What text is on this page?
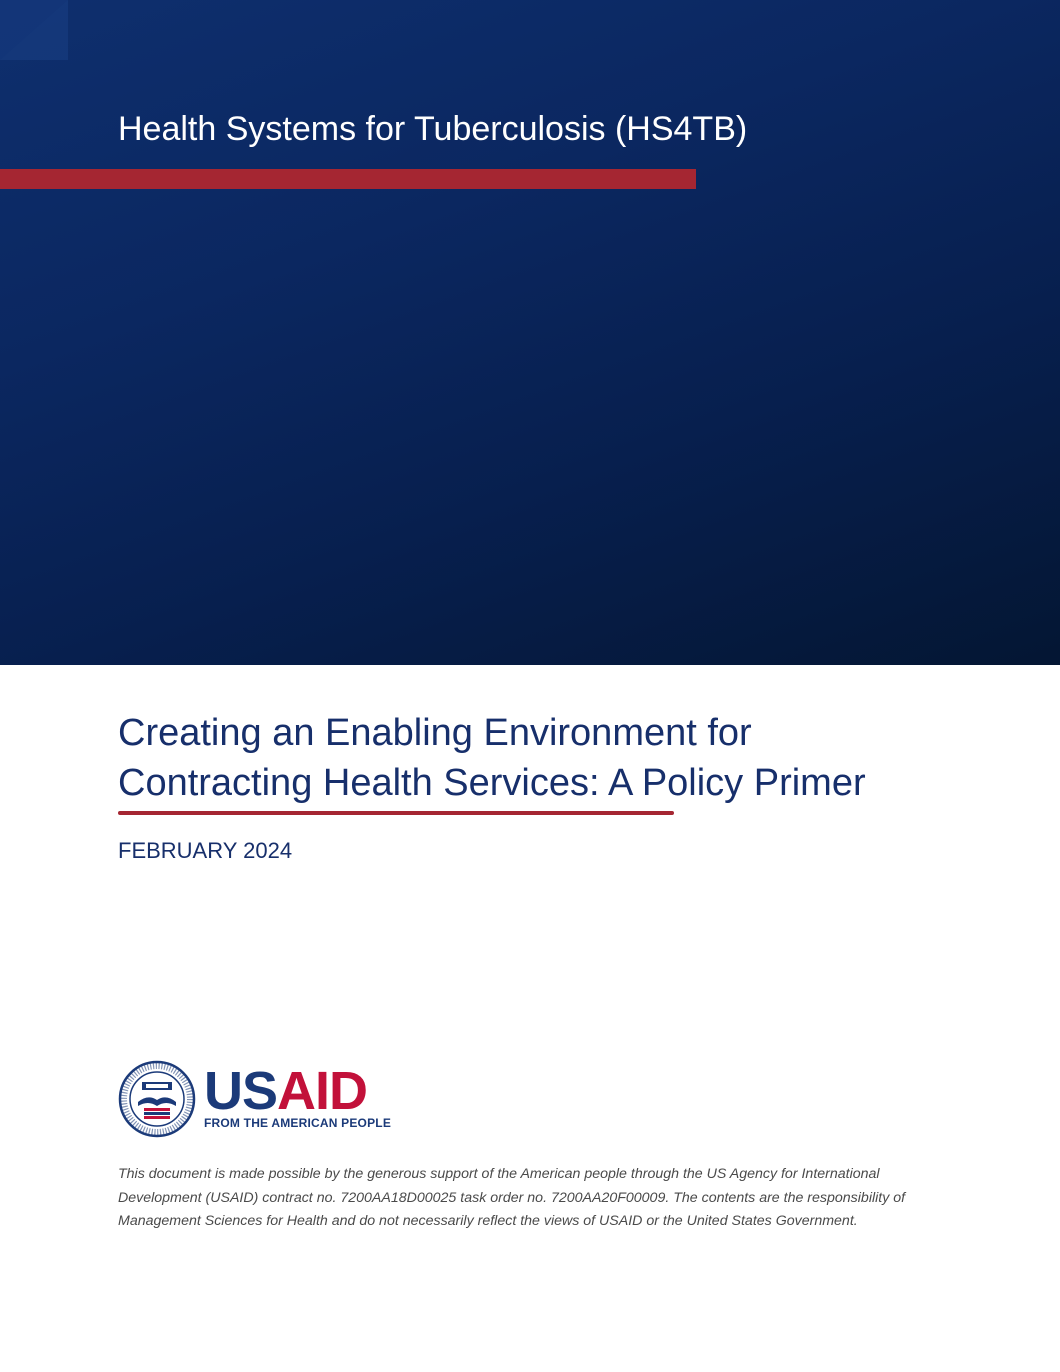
Health Systems for Tuberculosis (HS4TB)
Creating an Enabling Environment for
Contracting Health Services: A Policy Primer
FEBRUARY 2024
USAID
FROM THE AMERICAN PEOPLE

This document is made possible by the generous support of the American people through the US Agency for International Development (USAID) contract no. 7200AA18D00025 task order no. 7200AA20F00009. The contents are the responsibility of Management Sciences for Health and do not necessarily reflect the views of USAID or the United States Government.
